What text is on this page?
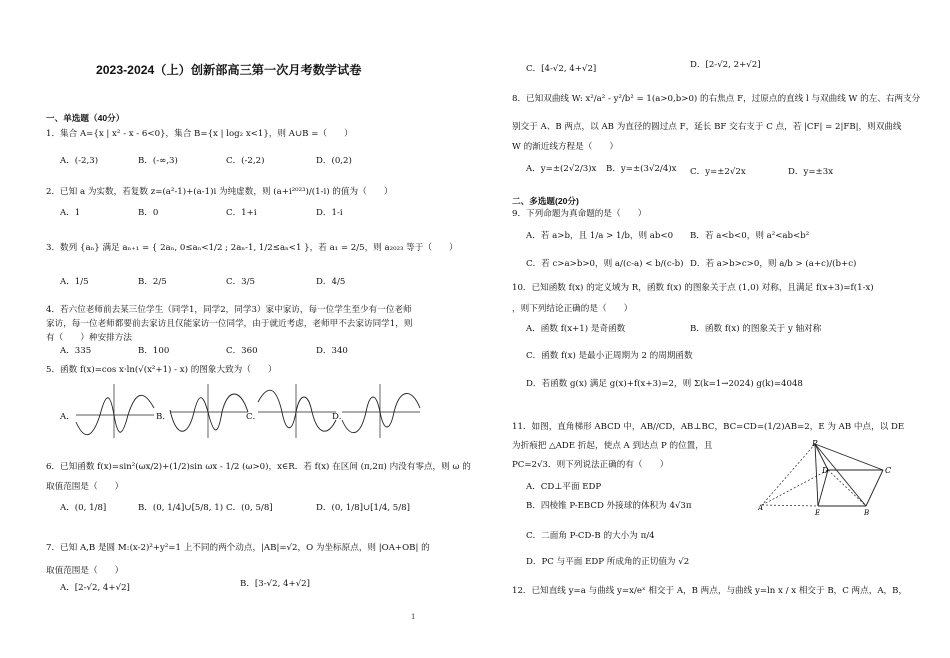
2023-2024（上）创新部高三第一次月考数学试卷
一、单选题（40分）
1．集合 A={x | x² - x - 6<0}，集合 B={x | log₂ x<1}，则 A∪B =（　　）
A．(-2,3)	B．(-∞,3)	C．(-2,2)	D．(0,2)
2．已知 a 为实数，若复数 z=(a²-1)+(a-1)i 为纯虚数，则 (a+i²⁰²³)/(1-i) 的值为（　　）
A．1	B．0	C．1+i	D．1-i
3．数列 {aₙ} 满足 aₙ₊₁ = { 2aₙ, 0≤aₙ<1/2 ; 2aₙ-1, 1/2≤aₙ<1 }，若 a₁ = 2/5，则 a₂₀₂₃ 等于（　　）
A．1/5	B．2/5	C．3/5	D．4/5
4．若六位老师前去某三位学生（同学1，同学2，同学3）家中家访，每一位学生至少有一位老师
家访，每一位老师都要前去家访且仅能家访一位同学，由于就近考虑，老师甲不去家访同学1，则
有（　　）种安排方法
A．335	B．100	C．360	D．340
5．函数 f(x)=cos x·ln(√(x²+1) - x) 的图象大致为（　　）
A．	B．	C．	D．
6．已知函数 f(x)=sin²(ωx/2)+(1/2)sin ωx - 1/2 (ω>0)，x∈R．若 f(x) 在区间 (π,2π) 内没有零点，则 ω 的
取值范围是（　　）
A．(0, 1/8]	B．(0, 1/4]∪[5/8, 1) C．(0, 5/8]	D．(0, 1/8]∪[1/4, 5/8]
7．已知 A,B 是圆 M:(x-2)²+y²=1 上不同的两个动点，|AB|=√2，O 为坐标原点，则 |OA+OB| 的
取值范围是（　　）
A．[2-√2, 4+√2]	B．[3-√2, 4+√2]
C．[4-√2, 4+√2]	D．[2-√2, 2+√2]
8．已知双曲线 W: x²/a² - y²/b² = 1(a>0,b>0) 的右焦点 F，过原点的直线 l 与双曲线 W 的左、右两支分
别交于 A、B 两点，以 AB 为直径的圆过点 F，延长 BF 交右支于 C 点，若 |CF| = 2|FB|，则双曲线
W 的渐近线方程是（　　）
A．y=±(2√2/3)x B．y=±(3√2/4)x C．y=±2√2x	D．y=±3x
二、多选题(20分)
9．下列命题为真命题的是（　　）
A．若 a>b，且 1/a > 1/b，则 ab<0 B．若 a<b<0，则 a²<ab<b²
C．若 c>a>b>0，则 a/(c-a) < b/(c-b) D．若 a>b>c>0，则 a/b > (a+c)/(b+c)
10．已知函数 f(x) 的定义域为 R，函数 f(x) 的图象关于点 (1,0) 对称，且满足 f(x+3)=f(1-x)
，则下列结论正确的是（　　）
A．函数 f(x+1) 是奇函数	B．函数 f(x) 的图象关于 y 轴对称
C．函数 f(x) 是最小正周期为 2 的周期函数
D．若函数 g(x) 满足 g(x)+f(x+3)=2，则 Σ(k=1→2024) g(k)=4048
11．如图，直角梯形 ABCD 中，AB//CD，AB⊥BC，BC=CD=(1/2)AB=2，E 为 AB 中点，以 DE
为折痕把 △ADE 折起，使点 A 到达点 P 的位置，且
PC=2√3．则下列说法正确的有（　　）
A．CD⊥平面 EDP
B．四棱锥 P-EBCD 外接球的体积为 4√3π
C．二面角 P-CD-B 的大小为 π/4
D．PC 与平面 EDP 所成角的正切值为 √2
P
D	C
A
E	B
12．已知直线 y=a 与曲线 y=x/eˣ 相交于 A，B 两点，与曲线 y=ln x / x 相交于 B，C 两点，A，B，
1
